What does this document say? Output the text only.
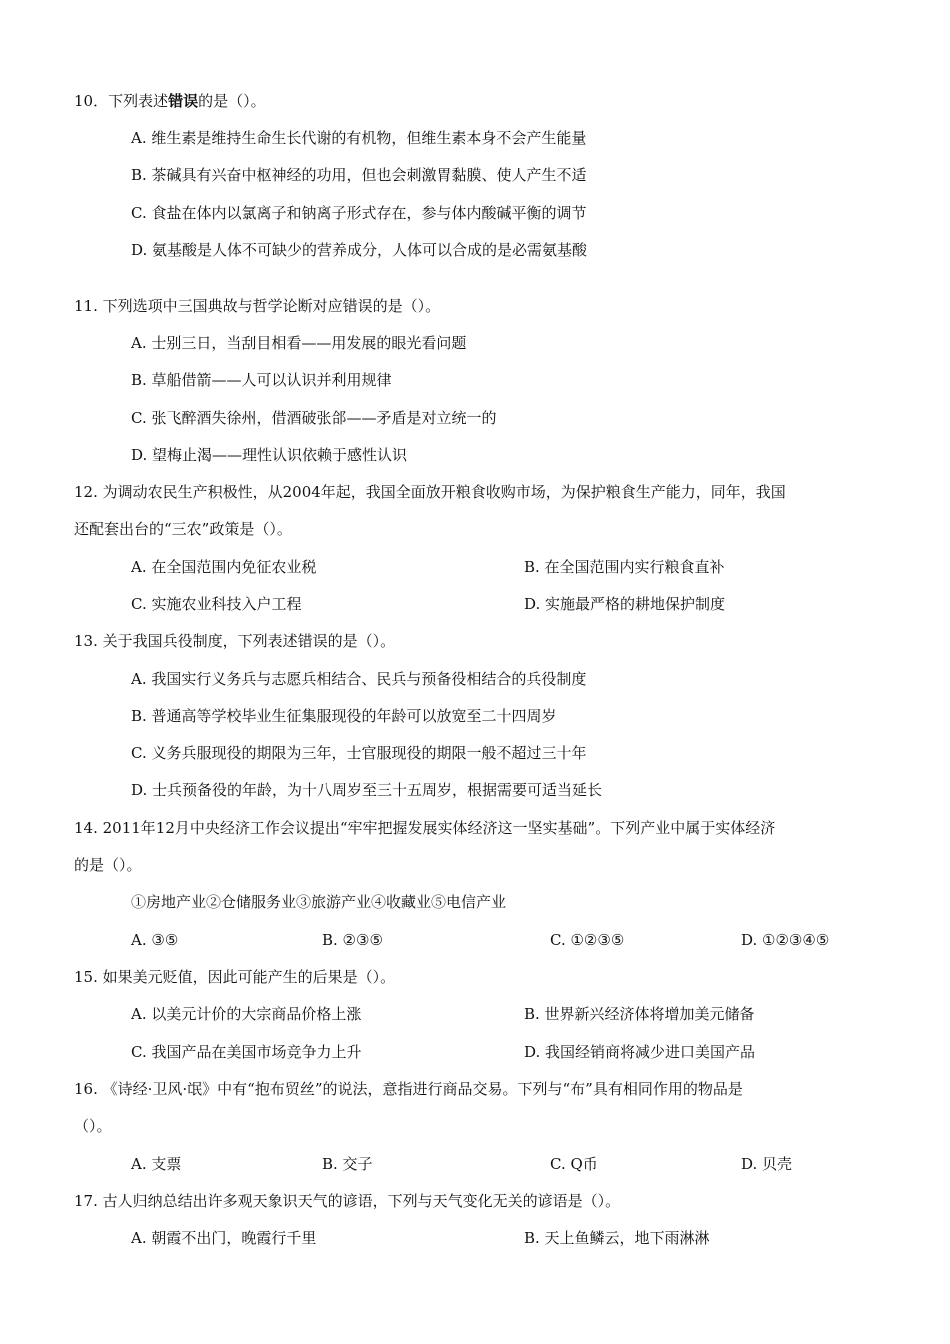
10．下列表述错误的是（）。
A. 维生素是维持生命生长代谢的有机物，但维生素本身不会产生能量
B. 茶碱具有兴奋中枢神经的功用，但也会刺激胃黏膜、使人产生不适
C. 食盐在体内以氯离子和钠离子形式存在，参与体内酸碱平衡的调节
D. 氨基酸是人体不可缺少的营养成分，人体可以合成的是必需氨基酸
11. 下列选项中三国典故与哲学论断对应错误的是（）。
A. 士别三日，当刮目相看——用发展的眼光看问题
B. 草船借箭——人可以认识并利用规律
C. 张飞醉酒失徐州，借酒破张郃——矛盾是对立统一的
D. 望梅止渴——理性认识依赖于感性认识
12. 为调动农民生产积极性，从2004年起，我国全面放开粮食收购市场，为保护粮食生产能力，同年，我国
还配套出台的“三农”政策是（）。
A. 在全国范围内免征农业税	B. 在全国范围内实行粮食直补
C. 实施农业科技入户工程	D. 实施最严格的耕地保护制度
13. 关于我国兵役制度，下列表述错误的是（）。
A. 我国实行义务兵与志愿兵相结合、民兵与预备役相结合的兵役制度
B. 普通高等学校毕业生征集服现役的年龄可以放宽至二十四周岁
C. 义务兵服现役的期限为三年，士官服现役的期限一般不超过三十年
D. 士兵预备役的年龄，为十八周岁至三十五周岁，根据需要可适当延长
14. 2011年12月中央经济工作会议提出“牢牢把握发展实体经济这一坚实基础”。下列产业中属于实体经济
的是（）。
①房地产业②仓储服务业③旅游产业④收藏业⑤电信产业
A. ③⑤	B. ②③⑤	C. ①②③⑤	D. ①②③④⑤
15. 如果美元贬值，因此可能产生的后果是（）。
A. 以美元计价的大宗商品价格上涨	B. 世界新兴经济体将增加美元储备
C. 我国产品在美国市场竞争力上升	D. 我国经销商将减少进口美国产品
16. 《诗经·卫风·氓》中有“抱布贸丝”的说法，意指进行商品交易。下列与“布”具有相同作用的物品是
（）。
A. 支票	B. 交子	C. Q币	D. 贝壳
17. 古人归纳总结出许多观天象识天气的谚语，下列与天气变化无关的谚语是（）。
A. 朝霞不出门，晚霞行千里	B. 天上鱼鳞云，地下雨淋淋
